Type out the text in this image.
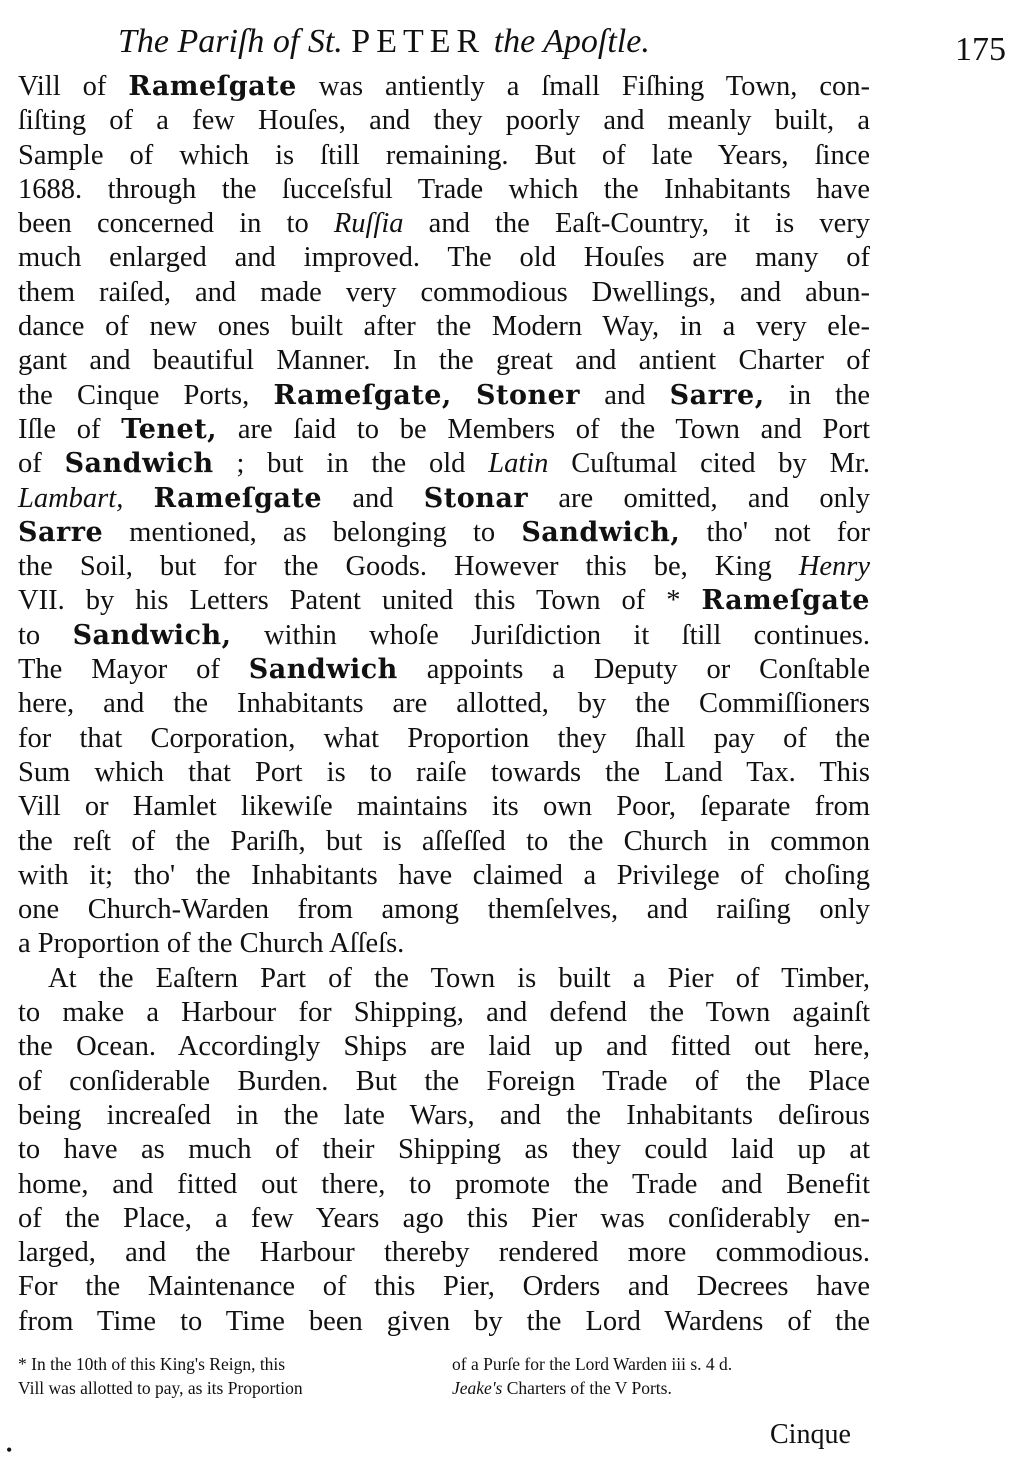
The Pariſh of St. PETER the Apoſtle.	175
Vill of Rameſgate was antiently a ſmall Fiſhing Town, con-
ſiſting of a few Houſes, and they poorly and meanly built, a
Sample of which is ſtill remaining. But of late Years, ſince
1688. through the ſucceſsful Trade which the Inhabitants have
been concerned in to Ruſſia and the Eaſt-Country, it is very
much enlarged and improved. The old Houſes are many of
them raiſed, and made very commodious Dwellings, and abun-
dance of new ones built after the Modern Way, in a very ele-
gant and beautiful Manner. In the great and antient Charter of
the Cinque Ports, Rameſgate, Stoner and Sarre, in the
Iſle of Tenet, are ſaid to be Members of the Town and Port
of Sandwich ; but in the old Latin Cuſtumal cited by Mr.
Lambart, Rameſgate and Stonar are omitted, and only
Sarre mentioned, as belonging to Sandwich, tho' not for
the Soil, but for the Goods. However this be, King Henry
VII. by his Letters Patent united this Town of * Rameſgate
to Sandwich, within whoſe Juriſdiction it ſtill continues.
The Mayor of Sandwich appoints a Deputy or Conſtable
here, and the Inhabitants are allotted, by the Commiſſioners
for that Corporation, what Proportion they ſhall pay of the
Sum which that Port is to raiſe towards the Land Tax. This
Vill or Hamlet likewiſe maintains its own Poor, ſeparate from
the reſt of the Pariſh, but is aſſeſſed to the Church in common
with it; tho' the Inhabitants have claimed a Privilege of choſing
one Church-Warden from among themſelves, and raiſing only
a Proportion of the Church Aſſeſs.
At the Eaſtern Part of the Town is built a Pier of Timber,
to make a Harbour for Shipping, and defend the Town againſt
the Ocean. Accordingly Ships are laid up and fitted out here,
of conſiderable Burden. But the Foreign Trade of the Place
being increaſed in the late Wars, and the Inhabitants deſirous
to have as much of their Shipping as they could laid up at
home, and fitted out there, to promote the Trade and Benefit
of the Place, a few Years ago this Pier was conſiderably en-
larged, and the Harbour thereby rendered more commodious.
For the Maintenance of this Pier, Orders and Decrees have
from Time to Time been given by the Lord Wardens of the
* In the 10th of this King's Reign, this
Vill was allotted to pay, as its Proportion
of a Purſe for the Lord Warden iii s. 4 d.
Jeake's Charters of the V Ports.
Cinque
•
